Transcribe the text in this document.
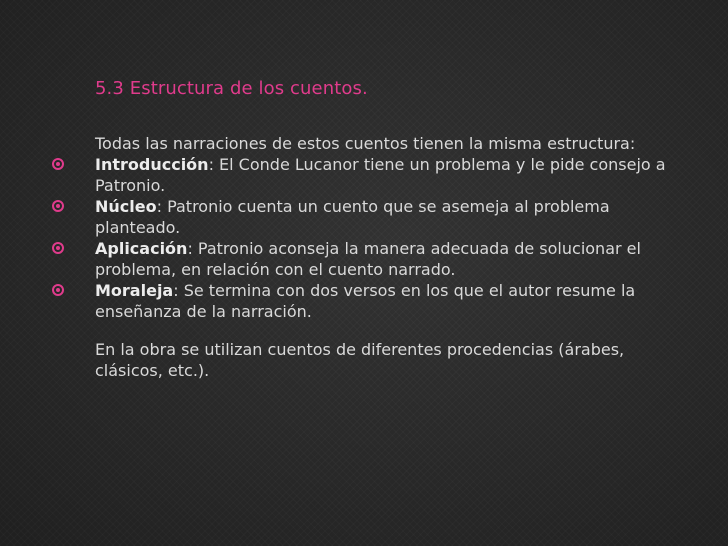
5.3 Estructura de los cuentos.

Todas las narraciones de estos cuentos tienen la misma estructura:

Introducción: El Conde Lucanor tiene un problema y le pide consejo a Patronio.
Núcleo: Patronio cuenta un cuento que se asemeja al problema planteado.
Aplicación: Patronio aconseja la manera adecuada de solucionar el problema, en relación con el cuento narrado.
Moraleja: Se termina con dos versos en los que el autor resume la enseñanza de la narración.

En la obra se utilizan cuentos de diferentes procedencias (árabes, clásicos, etc.).
